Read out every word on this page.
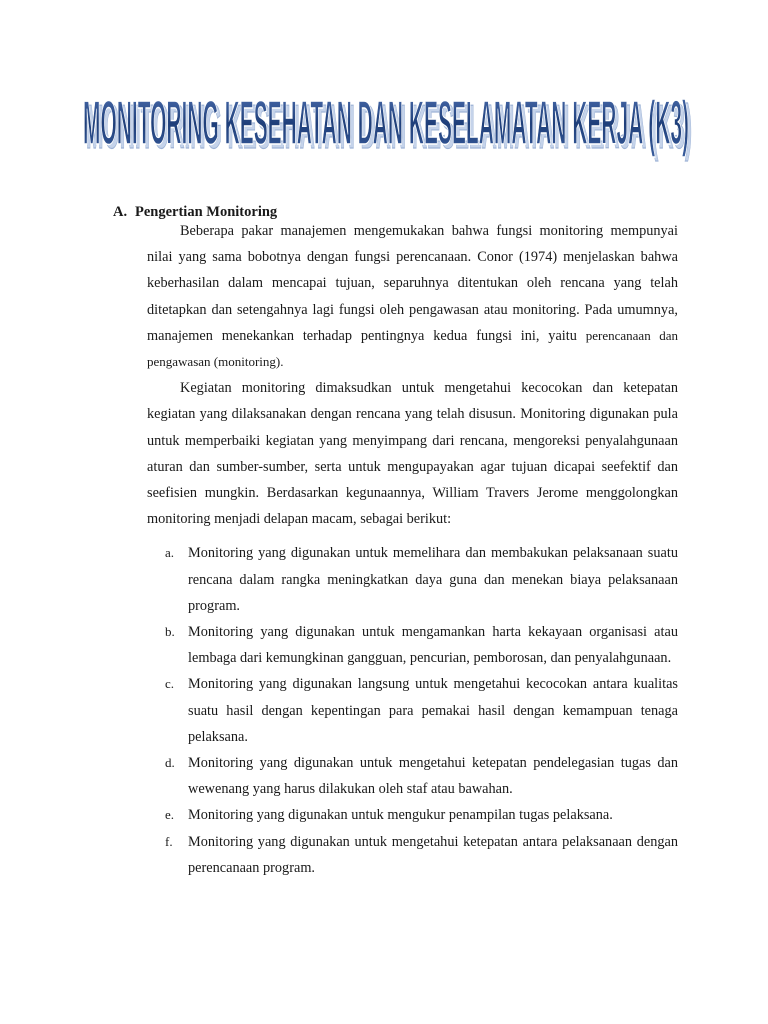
MONITORING KESEHATAN DAN KESELAMATAN KERJA (K3)
MONITORING KESEHATAN DAN KESELAMATAN KERJA (K3)
A. Pengertian Monitoring

Beberapa pakar manajemen mengemukakan bahwa fungsi monitoring mempunyai nilai yang sama bobotnya dengan fungsi perencanaan. Conor (1974) menjelaskan bahwa keberhasilan dalam mencapai tujuan, separuhnya ditentukan oleh rencana yang telah ditetapkan dan setengahnya lagi fungsi oleh pengawasan atau monitoring. Pada umumnya, manajemen menekankan terhadap pentingnya kedua fungsi ini, yaitu perencanaan dan pengawasan (monitoring).

Kegiatan monitoring dimaksudkan untuk mengetahui kecocokan dan ketepatan kegiatan yang dilaksanakan dengan rencana yang telah disusun. Monitoring digunakan pula untuk memperbaiki kegiatan yang menyimpang dari rencana, mengoreksi penyalahgunaan aturan dan sumber-sumber, serta untuk mengupayakan agar tujuan dicapai seefektif dan seefisien mungkin. Berdasarkan kegunaannya, William Travers Jerome menggolongkan monitoring menjadi delapan macam, sebagai berikut:

a. Monitoring yang digunakan untuk memelihara dan membakukan pelaksanaan suatu rencana dalam rangka meningkatkan daya guna dan menekan biaya pelaksanaan program.
b. Monitoring yang digunakan untuk mengamankan harta kekayaan organisasi atau lembaga dari kemungkinan gangguan, pencurian, pemborosan, dan penyalahgunaan.
c. Monitoring yang digunakan langsung untuk mengetahui kecocokan antara kualitas suatu hasil dengan kepentingan para pemakai hasil dengan kemampuan tenaga pelaksana.
d. Monitoring yang digunakan untuk mengetahui ketepatan pendelegasian tugas dan wewenang yang harus dilakukan oleh staf atau bawahan.
e. Monitoring yang digunakan untuk mengukur penampilan tugas pelaksana.
f. Monitoring yang digunakan untuk mengetahui ketepatan antara pelaksanaan dengan perencanaan program.
